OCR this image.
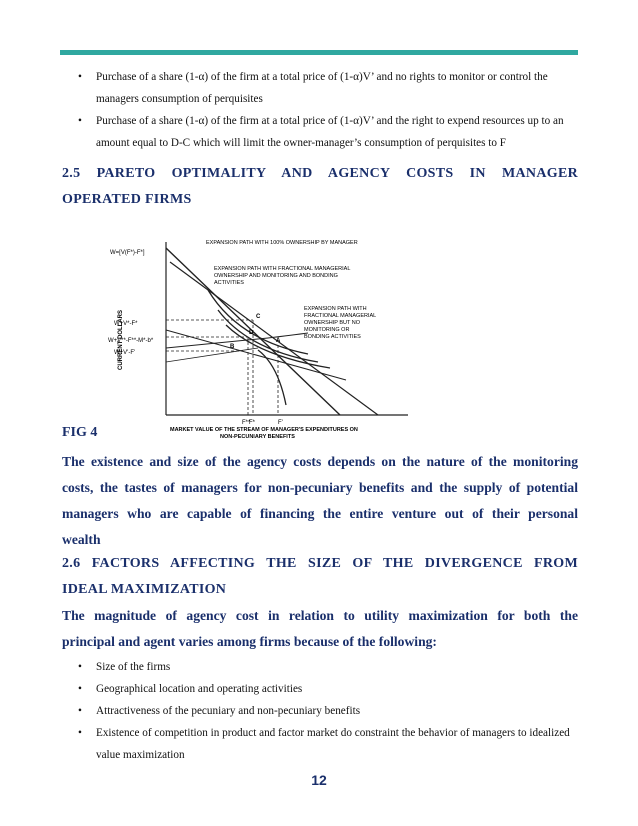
• Purchase of a share (1-α) of the firm at a total price of (1-α)V’ and no rights to monitor or control the managers consumption of perquisites
• Purchase of a share (1-α) of the firm at a total price of (1-α)V’ and the right to expend resources up to an amount equal to D-C which will limit the owner-manager’s consumption of perquisites to F
2.5 PARETO OPTIMALITY AND AGENCY COSTS IN MANAGER
OPERATED FIRMS
CURRENT DOLLARS
W=[V(F*)-F*]
W+V*-F*
W+V**-F**-M*-b*
W+V'-F'
C
D
A
B
F**
F*	F'
EXPANSION PATH WITH 100% OWNERSHIP BY MANAGER
EXPANSION PATH WITH FRACTIONAL MANAGERIAL
OWNERSHIP AND MONITORING AND BONDING
ACTIVITIES
EXPANSION PATH WITH
FRACTIONAL MANAGERIAL
OWNERSHIP BUT NO
MONITORING OR
BONDING ACTIVITIES
MARKET VALUE OF THE STREAM OF MANAGER'S EXPENDITURES ON
NON-PECUNIARY BENEFITS
FIG 4
The existence and size of the agency costs depends on the nature of the monitoring
costs, the tastes of managers for non-pecuniary benefits and the supply of potential
managers who are capable of financing the entire venture out of their personal
wealth
2.6 FACTORS AFFECTING THE SIZE OF THE DIVERGENCE FROM
IDEAL MAXIMIZATION
The magnitude of agency cost in relation to utility maximization for both the
principal and agent varies among firms because of the following:
• Size of the firms
• Geographical location and operating activities
• Attractiveness of the pecuniary and non-pecuniary benefits
• Existence of competition in product and factor market do constraint the behavior of managers to idealized value maximization
12
